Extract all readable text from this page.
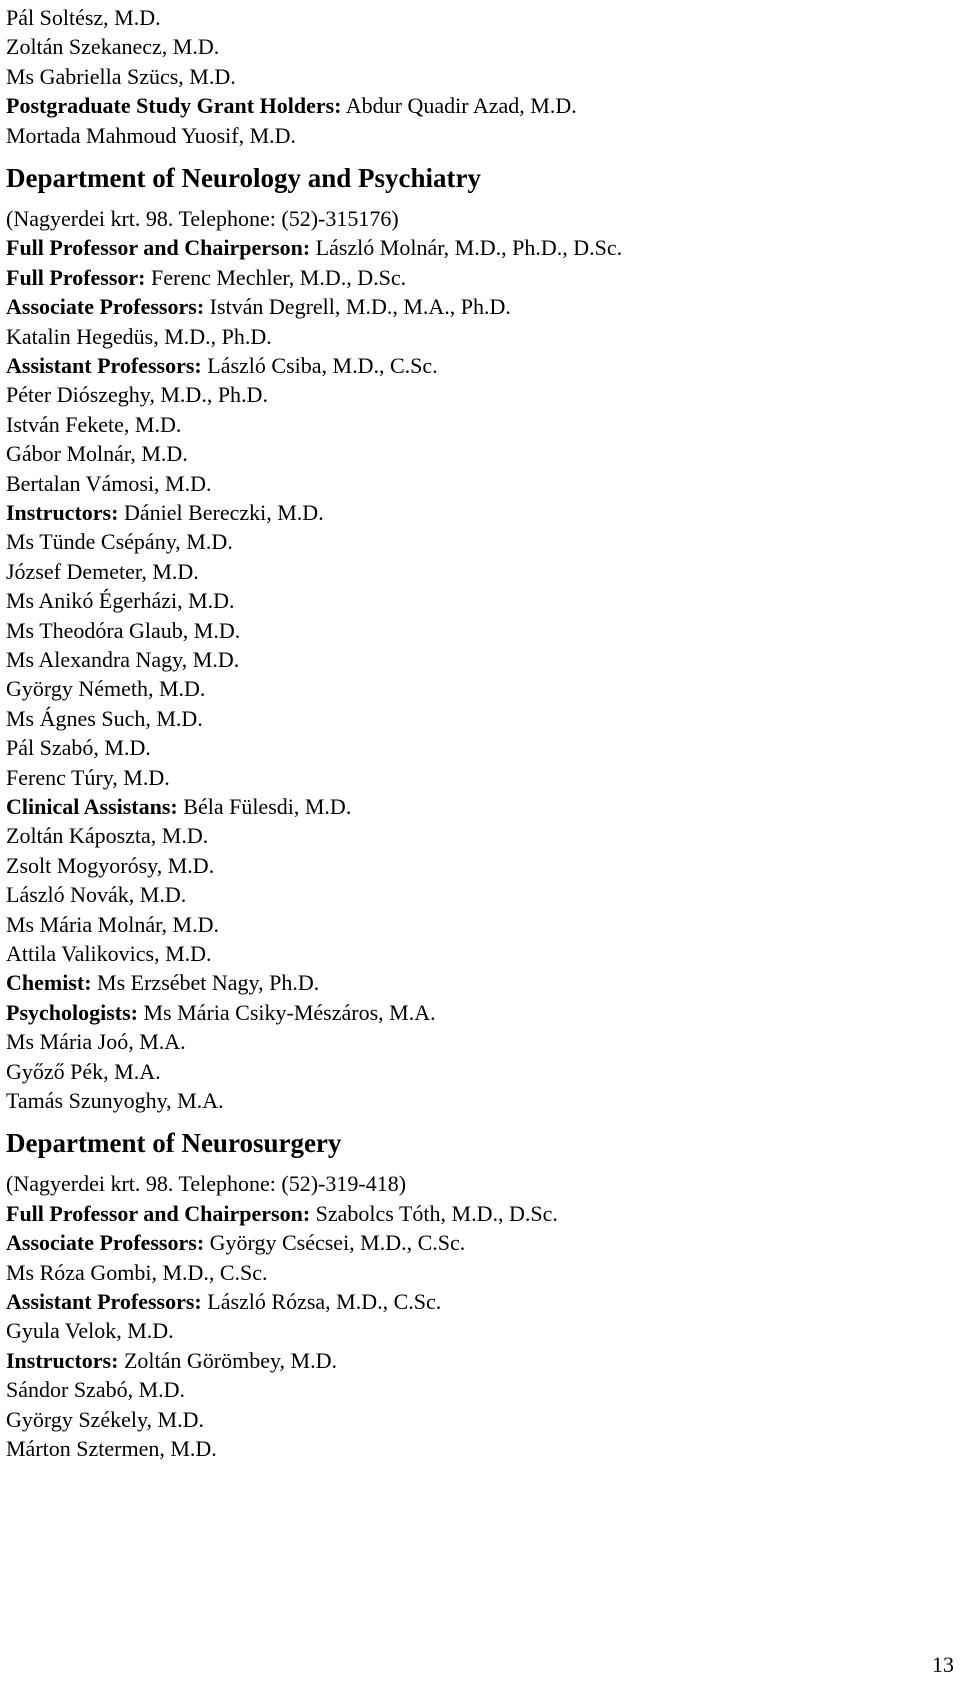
Pál Soltész, M.D.
Zoltán Szekanecz, M.D.
Ms Gabriella Szücs, M.D.
Postgraduate Study Grant Holders: Abdur Quadir Azad, M.D.
Mortada Mahmoud Yuosif, M.D.
Department of Neurology and Psychiatry
(Nagyerdei krt. 98. Telephone: (52)-315176)
Full Professor and Chairperson: László Molnár, M.D., Ph.D., D.Sc.
Full Professor: Ferenc Mechler, M.D., D.Sc.
Associate Professors: István Degrell, M.D., M.A., Ph.D.
Katalin Hegedüs, M.D., Ph.D.
Assistant Professors: László Csiba, M.D., C.Sc.
Péter Diószeghy, M.D., Ph.D.
István Fekete, M.D.
Gábor Molnár, M.D.
Bertalan Vámosi, M.D.
Instructors: Dániel Bereczki, M.D.
Ms Tünde Csépány, M.D.
József Demeter, M.D.
Ms Anikó Égerházi, M.D.
Ms Theodóra Glaub, M.D.
Ms Alexandra Nagy, M.D.
György Németh, M.D.
Ms Ágnes Such, M.D.
Pál Szabó, M.D.
Ferenc Túry, M.D.
Clinical Assistans: Béla Fülesdi, M.D.
Zoltán Káposzta, M.D.
Zsolt Mogyorósy, M.D.
László Novák, M.D.
Ms Mária Molnár, M.D.
Attila Valikovics, M.D.
Chemist: Ms Erzsébet Nagy, Ph.D.
Psychologists: Ms Mária Csiky-Mészáros, M.A.
Ms Mária Joó, M.A.
Győző Pék, M.A.
Tamás Szunyoghy, M.A.
Department of Neurosurgery
(Nagyerdei krt. 98. Telephone: (52)-319-418)
Full Professor and Chairperson: Szabolcs Tóth, M.D., D.Sc.
Associate Professors: György Csécsei, M.D., C.Sc.
Ms Róza Gombi, M.D., C.Sc.
Assistant Professors: László Rózsa, M.D., C.Sc.
Gyula Velok, M.D.
Instructors: Zoltán Görömbey, M.D.
Sándor Szabó, M.D.
György Székely, M.D.
Márton Sztermen, M.D.
13
